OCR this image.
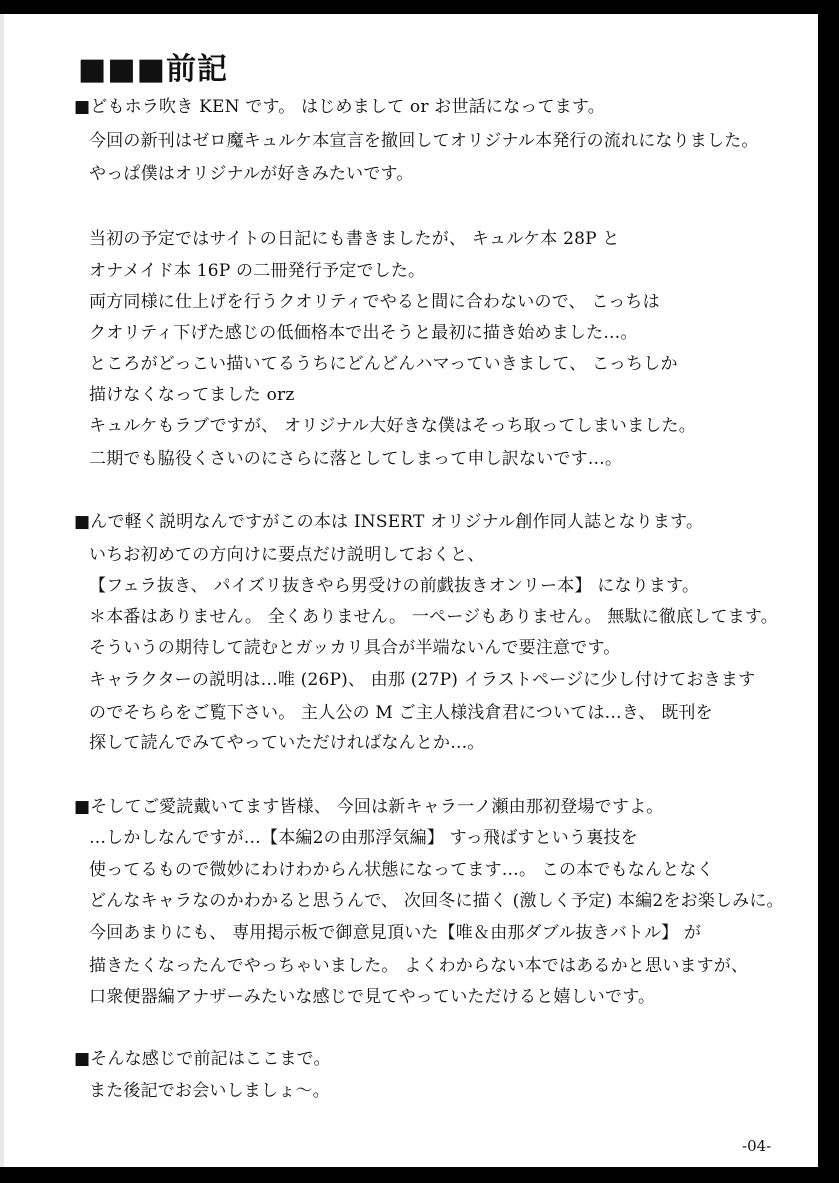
■■■前記
■どもホラ吹き KEN です。 はじめまして or お世話になってます。
今回の新刊はゼロ魔キュルケ本宣言を撤回してオリジナル本発行の流れになりました。
やっぱ僕はオリジナルが好きみたいです。
当初の予定ではサイトの日記にも書きましたが、 キュルケ本 28P と
オナメイド本 16P の二冊発行予定でした。
両方同様に仕上げを行うクオリティでやると間に合わないので、 こっちは
クオリティ下げた感じの低価格本で出そうと最初に描き始めました…。
ところがどっこい描いてるうちにどんどんハマっていきまして、 こっちしか
描けなくなってました orz
キュルケもラブですが、 オリジナル大好きな僕はそっち取ってしまいました。
二期でも脇役くさいのにさらに落としてしまって申し訳ないです…。
■んで軽く説明なんですがこの本は INSERT オリジナル創作同人誌となります。
いちお初めての方向けに要点だけ説明しておくと、
【フェラ抜き、 パイズリ抜きやら男受けの前戯抜きオンリー本】 になります。
＊本番はありません。 全くありません。 一ページもありません。 無駄に徹底してます。
そういうの期待して読むとガッカリ具合が半端ないんで要注意です。
キャラクターの説明は…唯 (26P)、 由那 (27P) イラストページに少し付けておきます
のでそちらをご覧下さい。 主人公の M ご主人様浅倉君については…き、 既刊を
探して読んでみてやっていただければなんとか…。
■そしてご愛読戴いてます皆様、 今回は新キャラ一ノ瀬由那初登場ですよ。
…しかしなんですが…【本編2の由那浮気編】 すっ飛ばすという裏技を
使ってるもので微妙にわけわからん状態になってます…。 この本でもなんとなく
どんなキャラなのかわかると思うんで、 次回冬に描く (激しく予定) 本編2をお楽しみに。
今回あまりにも、 専用掲示板で御意見頂いた【唯＆由那ダブル抜きバトル】 が
描きたくなったんでやっちゃいました。 よくわからない本ではあるかと思いますが、
口衆便器編アナザーみたいな感じで見てやっていただけると嬉しいです。
■そんな感じで前記はここまで。
また後記でお会いしましょ～。
-04-
